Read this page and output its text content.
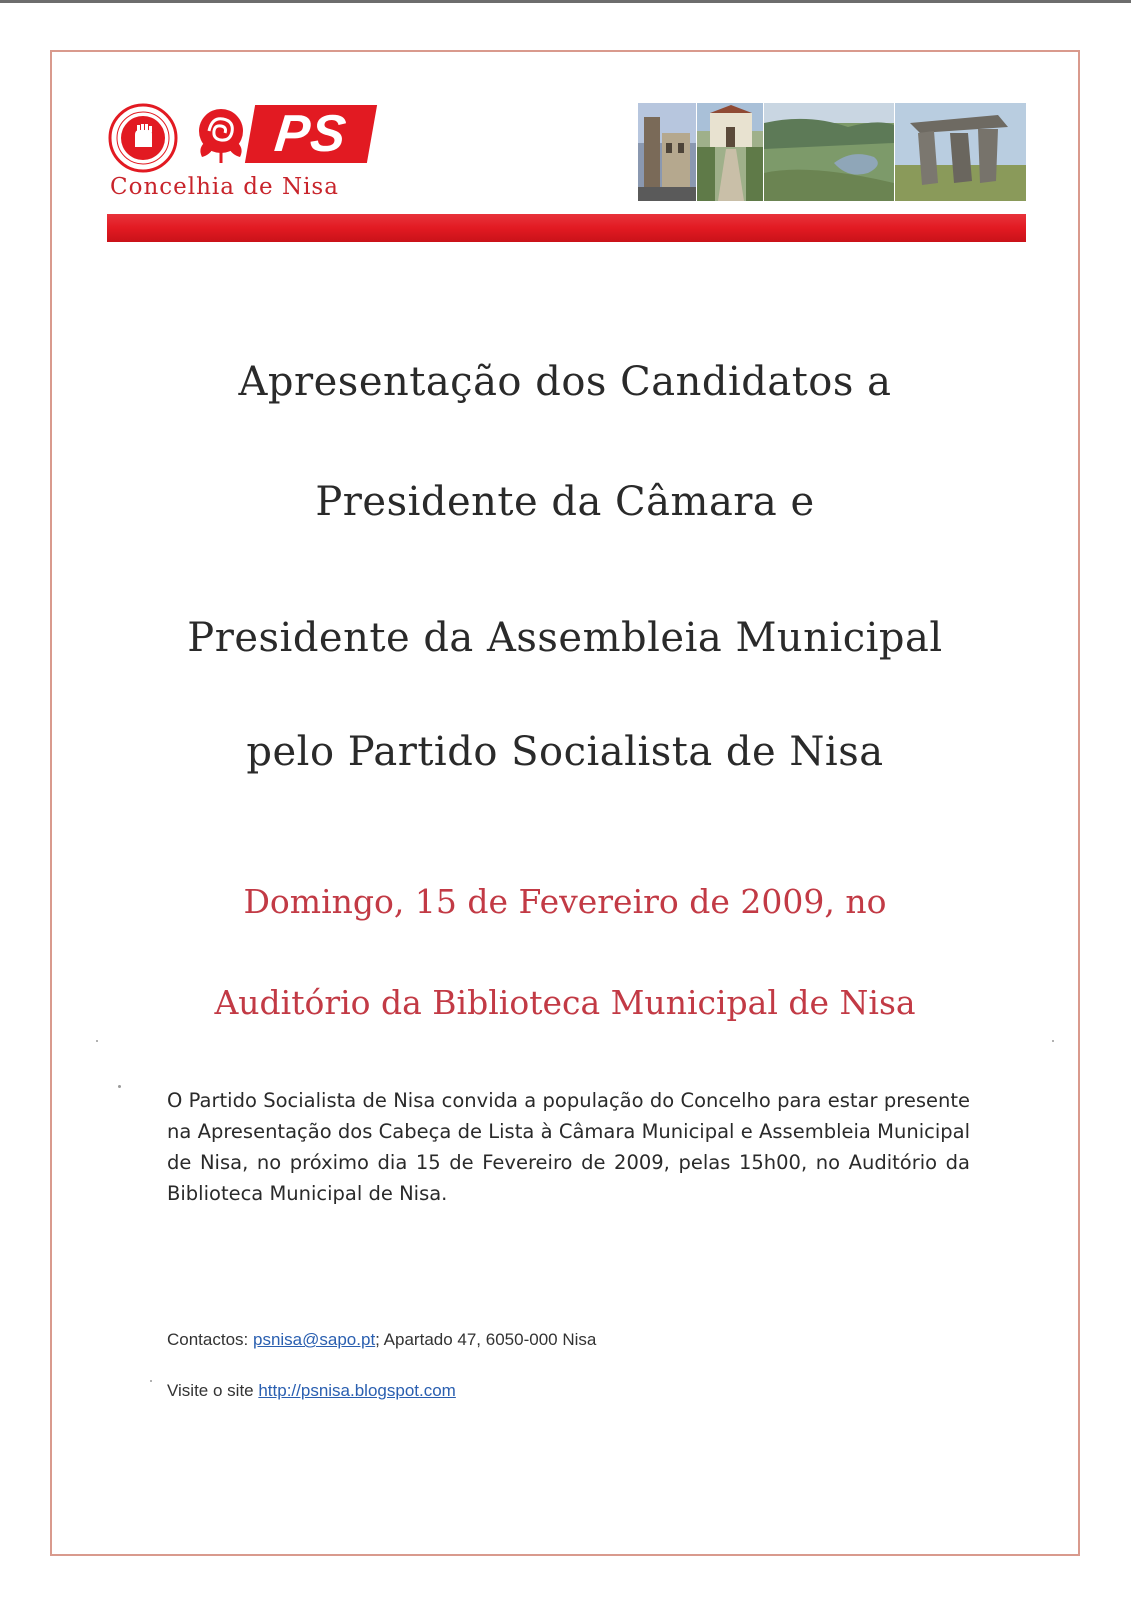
PS
Concelhia de Nisa
Apresentação dos Candidatos a
Presidente da Câmara e
Presidente da Assembleia Municipal
pelo Partido Socialista de Nisa
Domingo, 15 de Fevereiro de 2009, no
Auditório da Biblioteca Municipal de Nisa
O Partido Socialista de Nisa convida a população do Concelho para estar presente na Apresentação dos Cabeça de Lista à Câmara Municipal e Assembleia Municipal de Nisa, no próximo dia 15 de Fevereiro de 2009, pelas 15h00, no Auditório da Biblioteca Municipal de Nisa.
Contactos: psnisa@sapo.pt; Apartado 47, 6050-000 Nisa
Visite o site http://psnisa.blogspot.com
